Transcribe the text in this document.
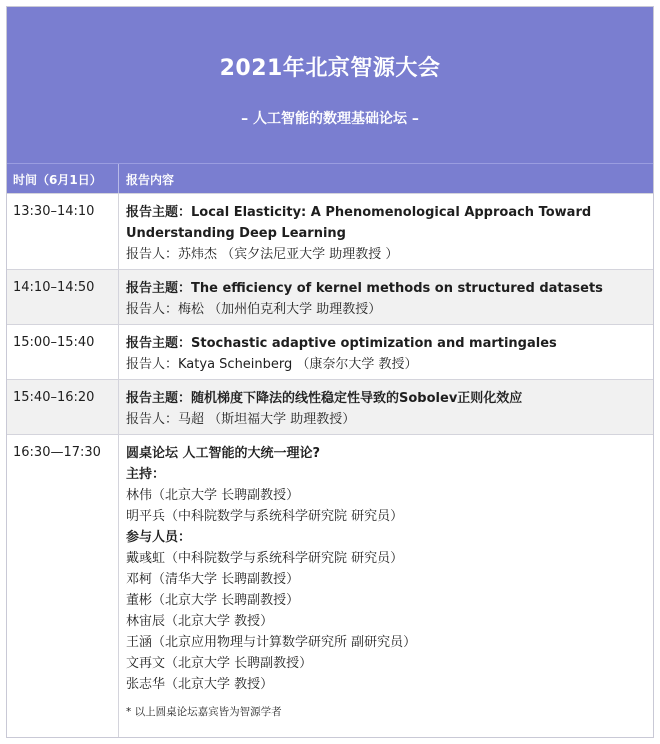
2021年北京智源大会
– 人工智能的数理基础论坛 –
时间（6月1日）	报告内容
13:30–14:10	报告主题：Local Elasticity: A Phenomenological Approach Toward Understanding Deep Learning
报告人：苏炜杰 （宾夕法尼亚大学 助理教授 ）
14:10–14:50	报告主题：The efficiency of kernel methods on structured datasets
报告人：梅松 （加州伯克利大学 助理教授）
15:00–15:40	报告主题：Stochastic adaptive optimization and martingales
报告人：Katya Scheinberg （康奈尔大学 教授）
15:40–16:20	报告主题：随机梯度下降法的线性稳定性导致的Sobolev正则化效应
报告人：马超 （斯坦福大学 助理教授）
16:30—17:30	圆桌论坛 人工智能的大统一理论?
主持：
林伟（北京大学 长聘副教授）
明平兵（中科院数学与系统科学研究院 研究员）
参与人员：
戴彧虹（中科院数学与系统科学研究院 研究员）
邓柯（清华大学 长聘副教授）
董彬（北京大学 长聘副教授）
林宙辰（北京大学 教授）
王涵（北京应用物理与计算数学研究所 副研究员）
文再文（北京大学 长聘副教授）
张志华（北京大学 教授）
* 以上圆桌论坛嘉宾皆为智源学者
